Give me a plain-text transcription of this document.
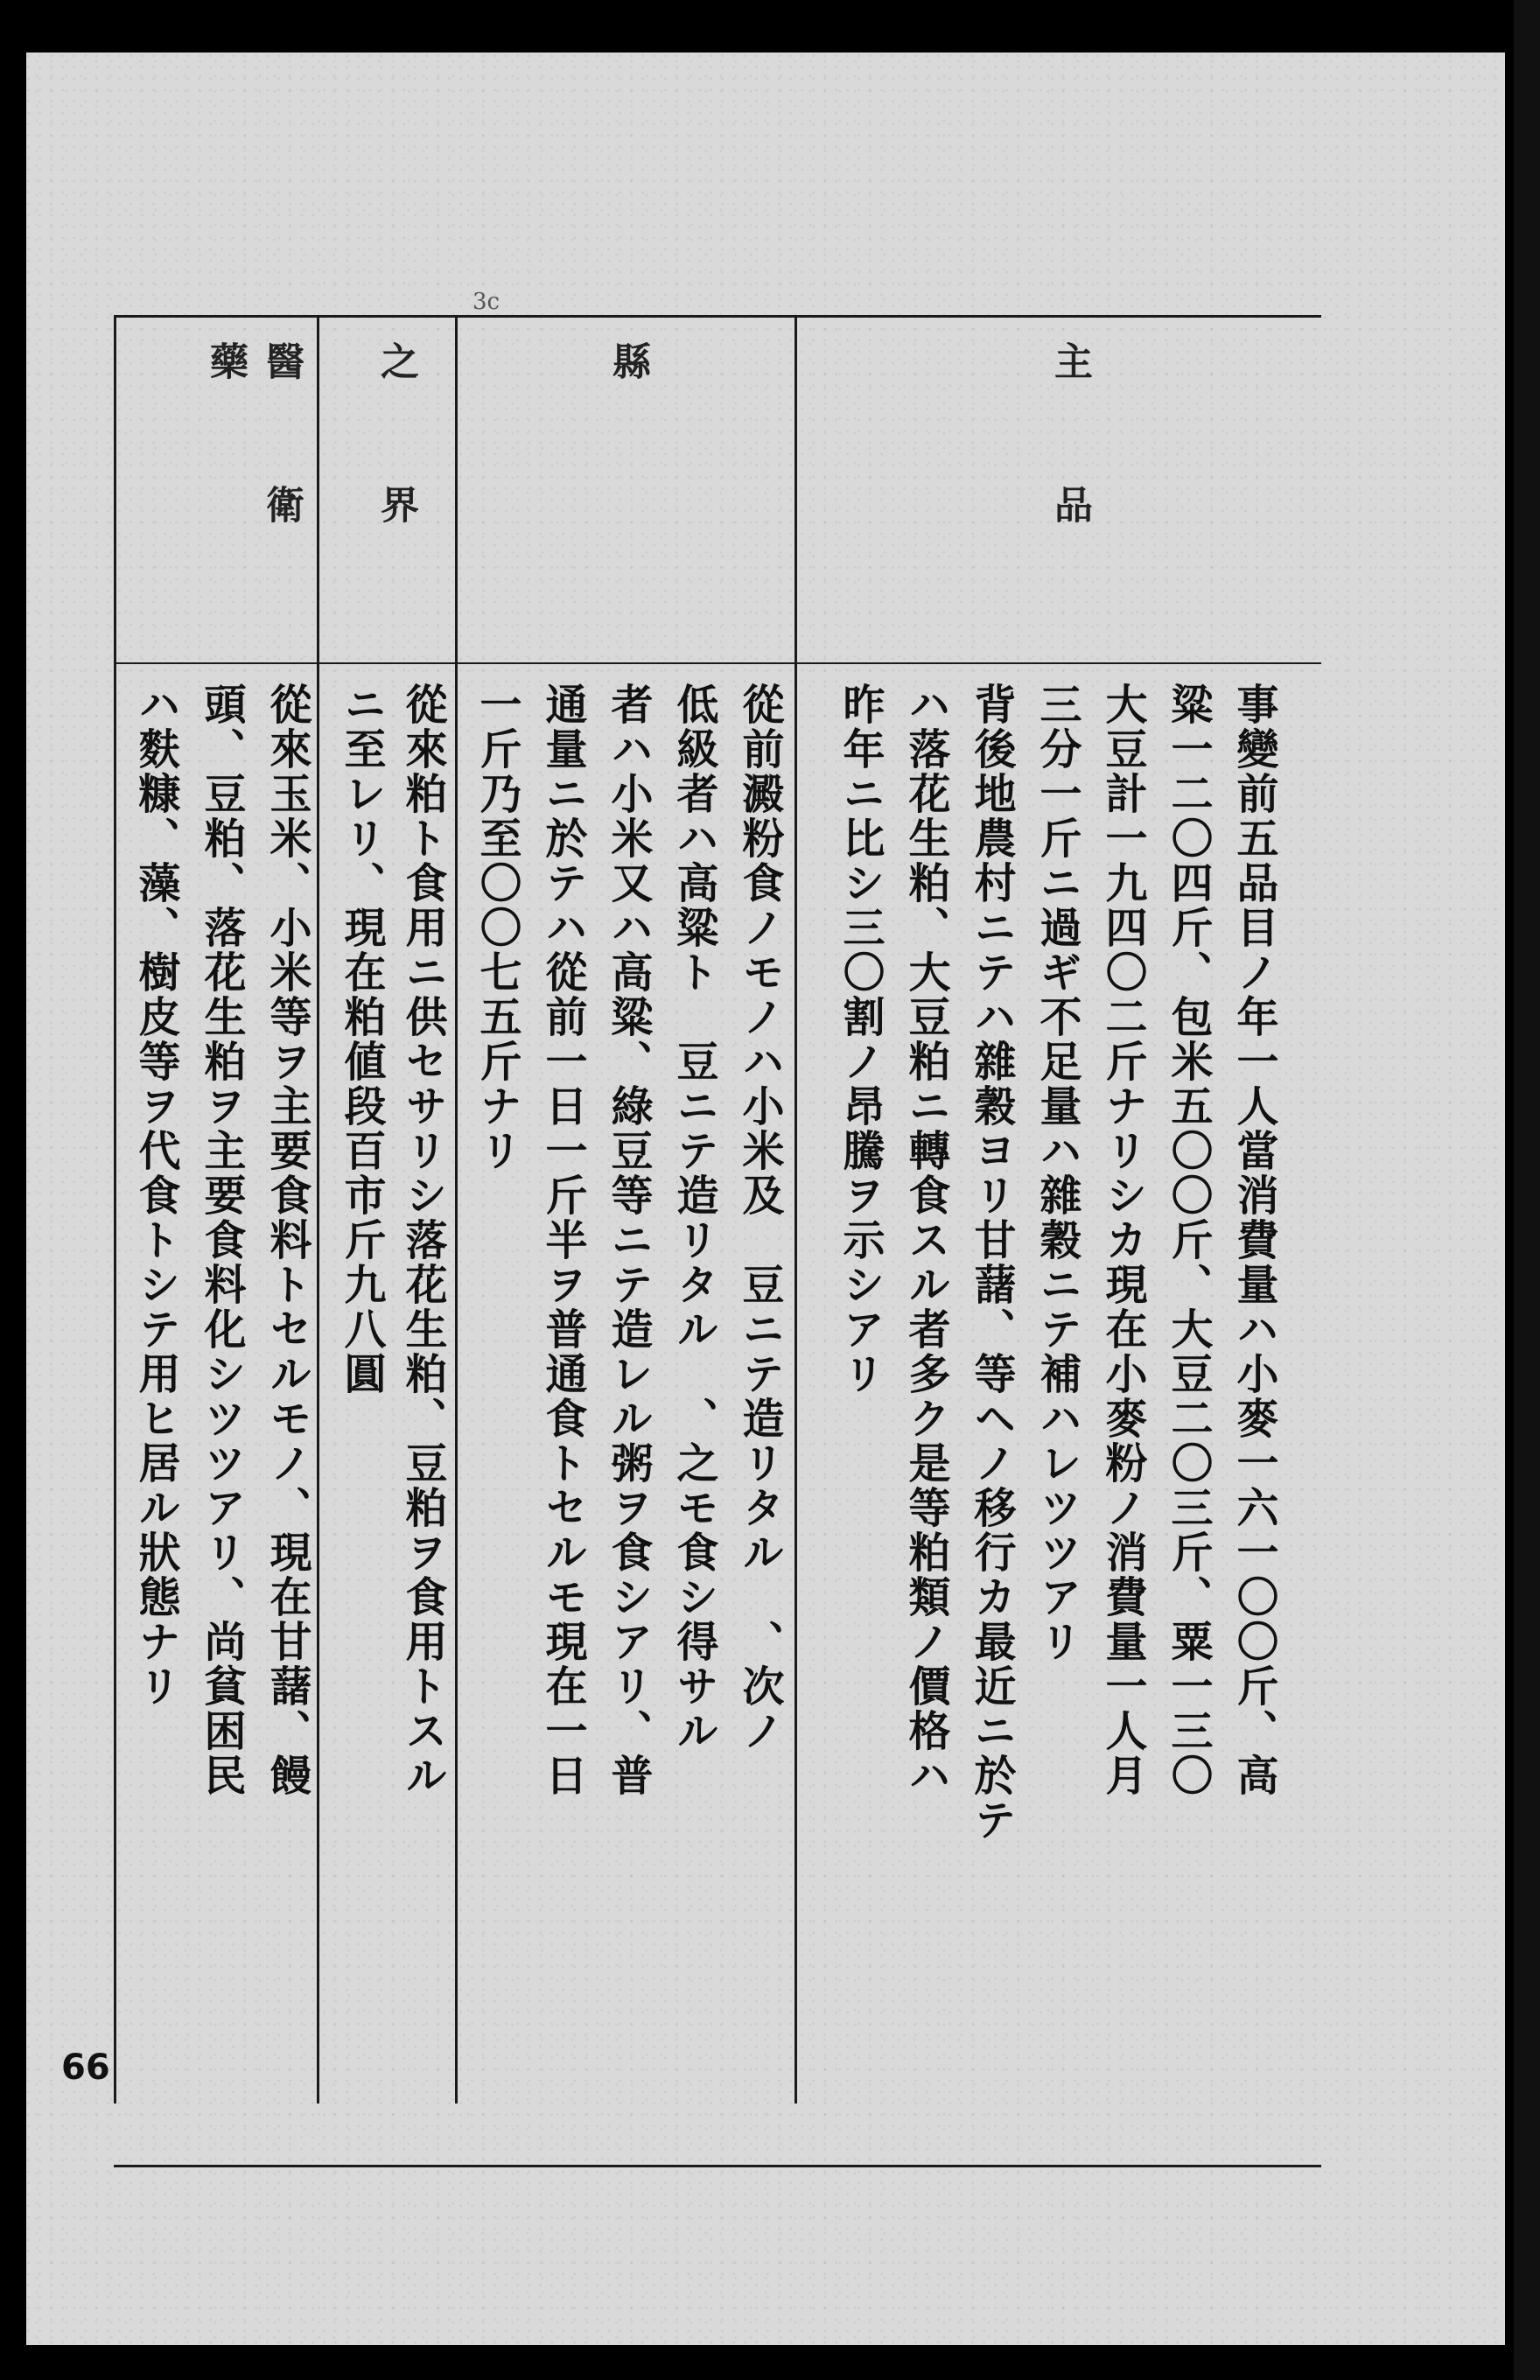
3c
主品
縣
之界
醫衛藥
事變前五品目ノ年一人當消費量ハ小麥一六一〇〇斤、高
粱一二〇四斤、包米五〇〇斤、大豆二〇三斤、粟一三〇
大豆計一九四〇二斤ナリシカ現在小麥粉ノ消費量一人月
三分一斤ニ過ギ不足量ハ雜穀ニテ補ハレツツアリ
背後地農村ニテハ雜穀ヨリ甘藷、等ヘノ移行カ最近ニ於テ
ハ落花生粕、大豆粕ニ轉食スル者多ク是等粕類ノ價格ハ
昨年ニ比シ三〇割ノ昂騰ヲ示シアリ
從前澱粉食ノモノハ小米及　豆ニテ造リタル　、次ノ
低級者ハ高粱ト　豆ニテ造リタル　、之モ食シ得サル
者ハ小米又ハ高粱、綠豆等ニテ造レル粥ヲ食シアリ、普
通量ニ於テハ從前一日一斤半ヲ普通食トセルモ現在一日
一斤乃至〇〇七五斤ナリ
從來粕ト食用ニ供セサリシ落花生粕、豆粕ヲ食用トスル
ニ至レリ、現在粕値段百市斤九八圓
從來玉米、小米等ヲ主要食料トセルモノ、現在甘藷、饅
頭、豆粕、落花生粕ヲ主要食料化シツツアリ、尚貧困民
ハ麩糠、藻、樹皮等ヲ代食トシテ用ヒ居ル狀態ナリ
66
